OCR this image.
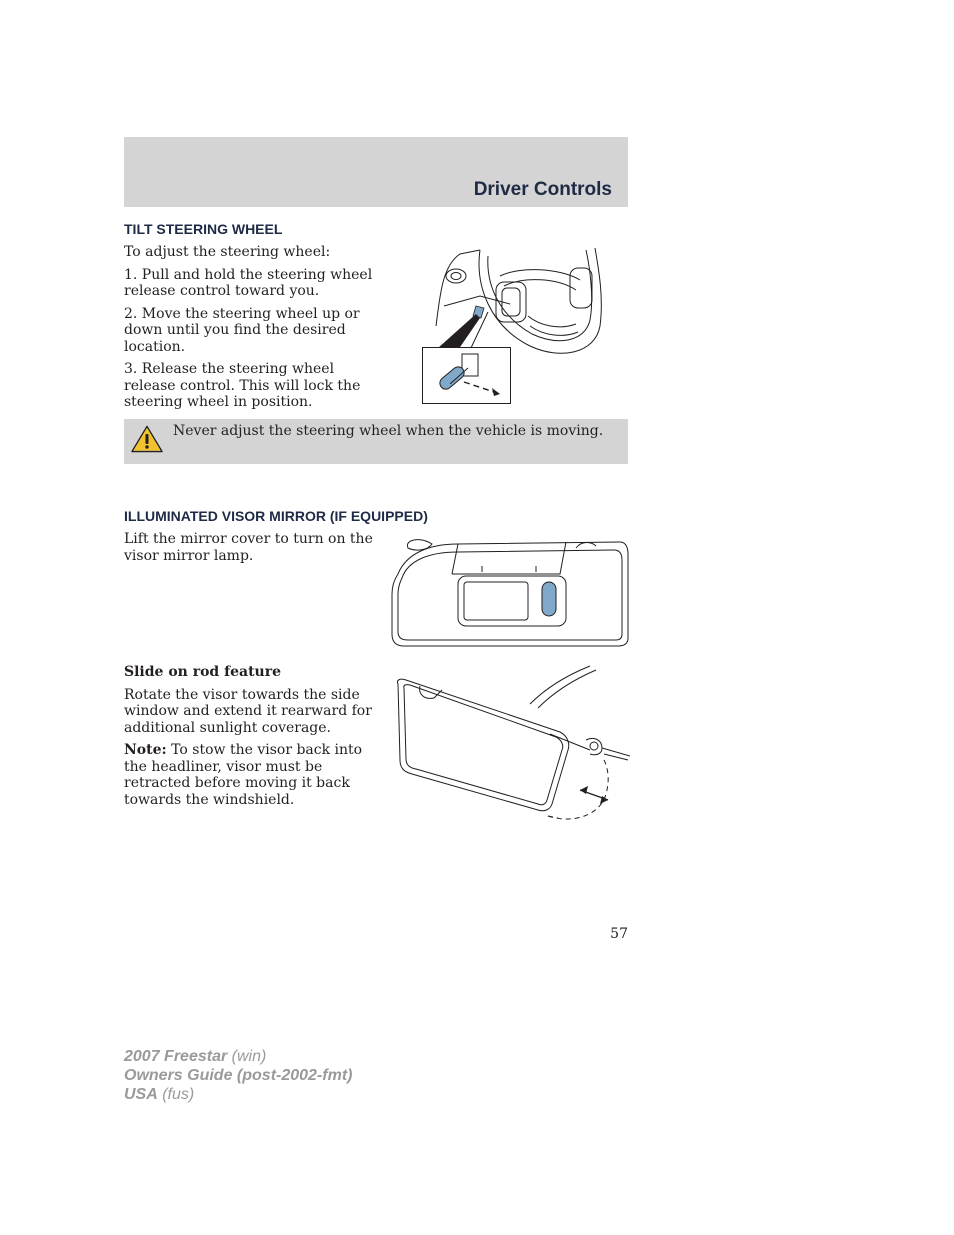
Driver Controls
TILT STEERING WHEEL

To adjust the steering wheel:

1. Pull and hold the steering wheel release control toward you.

2. Move the steering wheel up or down until you find the desired location.

3. Release the steering wheel release control. This will lock the steering wheel in position.

Never adjust the steering wheel when the vehicle is moving.
ILLUMINATED VISOR MIRROR (IF EQUIPPED)

Lift the mirror cover to turn on the visor mirror lamp.

Slide on rod feature

Rotate the visor towards the side window and extend it rearward for additional sunlight coverage.

Note: To stow the visor back into the headliner, visor must be retracted before moving it back towards the windshield.

57
2007 Freestar (win)
Owners Guide (post-2002-fmt)
USA (fus)
